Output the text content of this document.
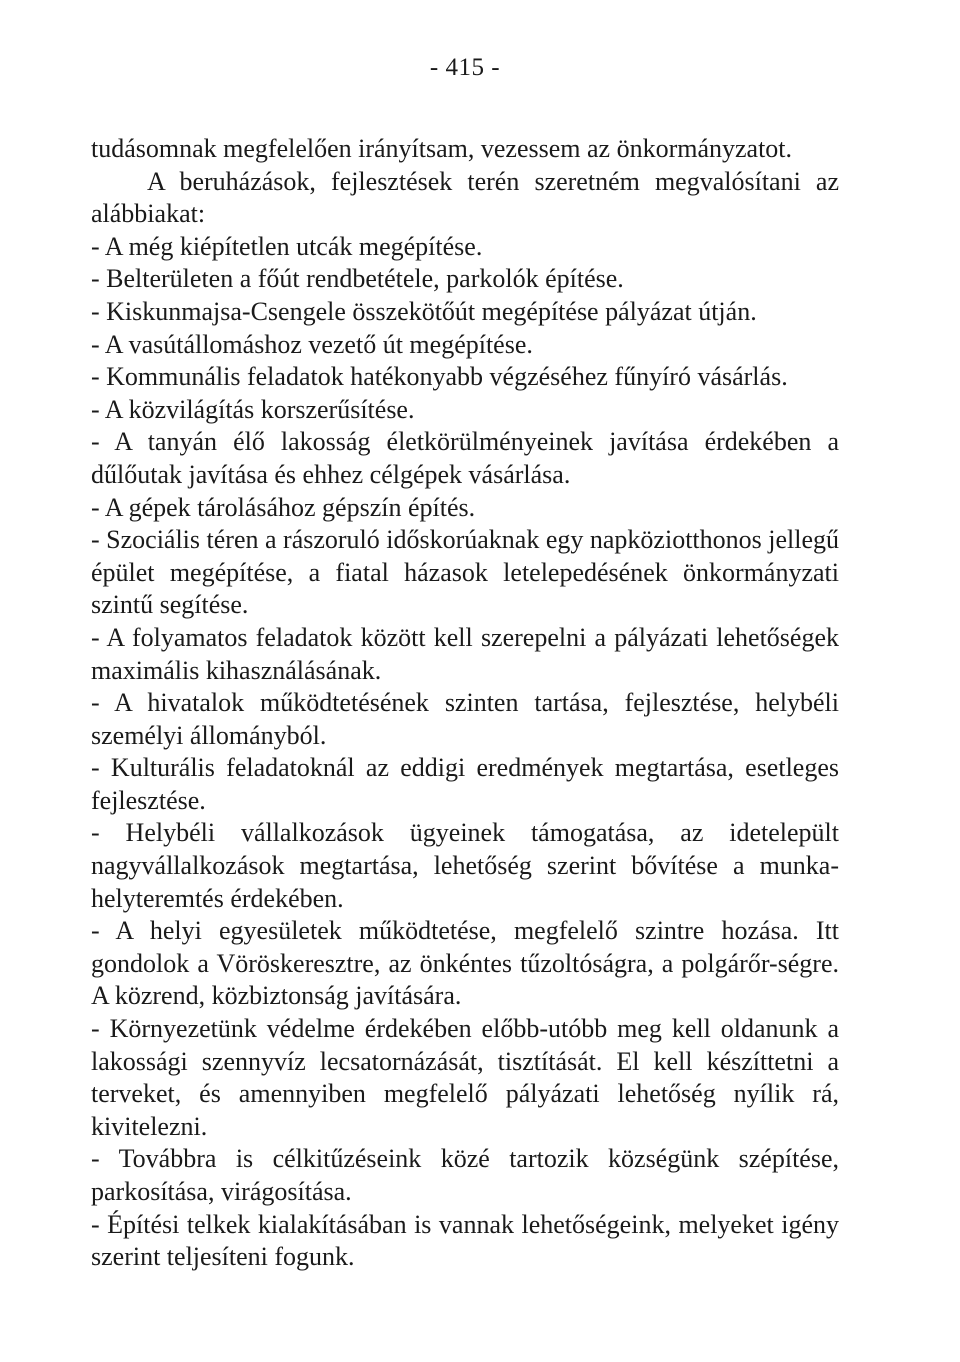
- 415 -

tudásomnak megfelelően irányítsam, vezessem az önkormányzatot.

A beruházások, fejlesztések terén szeretném megvalósítani az alábbiakat:

- A még kiépítetlen utcák megépítése.

- Belterületen a főút rendbetétele, parkolók építése.

- Kiskunmajsa-Csengele összekötőút megépítése pályázat útján.

- A vasútállomáshoz vezető út megépítése.

- Kommunális feladatok hatékonyabb végzéséhez fűnyíró vásárlás.

- A közvilágítás korszerűsítése.

- A tanyán élő lakosság életkörülményeinek javítása érdekében a dűlőutak javítása és ehhez célgépek vásárlása.

- A gépek tárolásához gépszín építés.

- Szociális téren a rászoruló időskorúaknak egy napköziotthonos jellegű épület megépítése, a fiatal házasok letelepedésének önkormányzati szintű segítése.

- A folyamatos feladatok között kell szerepelni a pályázati lehetőségek maximális kihasználásának.

- A hivatalok működtetésének szinten tartása, fejlesztése, helybéli személyi állományból.

- Kulturális feladatoknál az eddigi eredmények megtartása, esetleges fejlesztése.

- Helybéli vállalkozások ügyeinek támogatása, az idetelepült nagyvállalkozások megtartása, lehetőség szerint bővítése a munka-helyteremtés érdekében.

- A helyi egyesületek működtetése, megfelelő szintre hozása. Itt gondolok a Vöröskeresztre, az önkéntes tűzoltóságra, a polgárőr-ségre. A közrend, közbiztonság javítására.

- Környezetünk védelme érdekében előbb-utóbb meg kell oldanunk a lakossági szennyvíz lecsatornázását, tisztítását. El kell készíttetni a terveket, és amennyiben megfelelő pályázati lehetőség nyílik rá, kivitelezni.

- Továbbra is célkitűzéseink közé tartozik községünk szépítése, parkosítása, virágosítása.

- Építési telkek kialakításában is vannak lehetőségeink, melyeket igény szerint teljesíteni fogunk.
